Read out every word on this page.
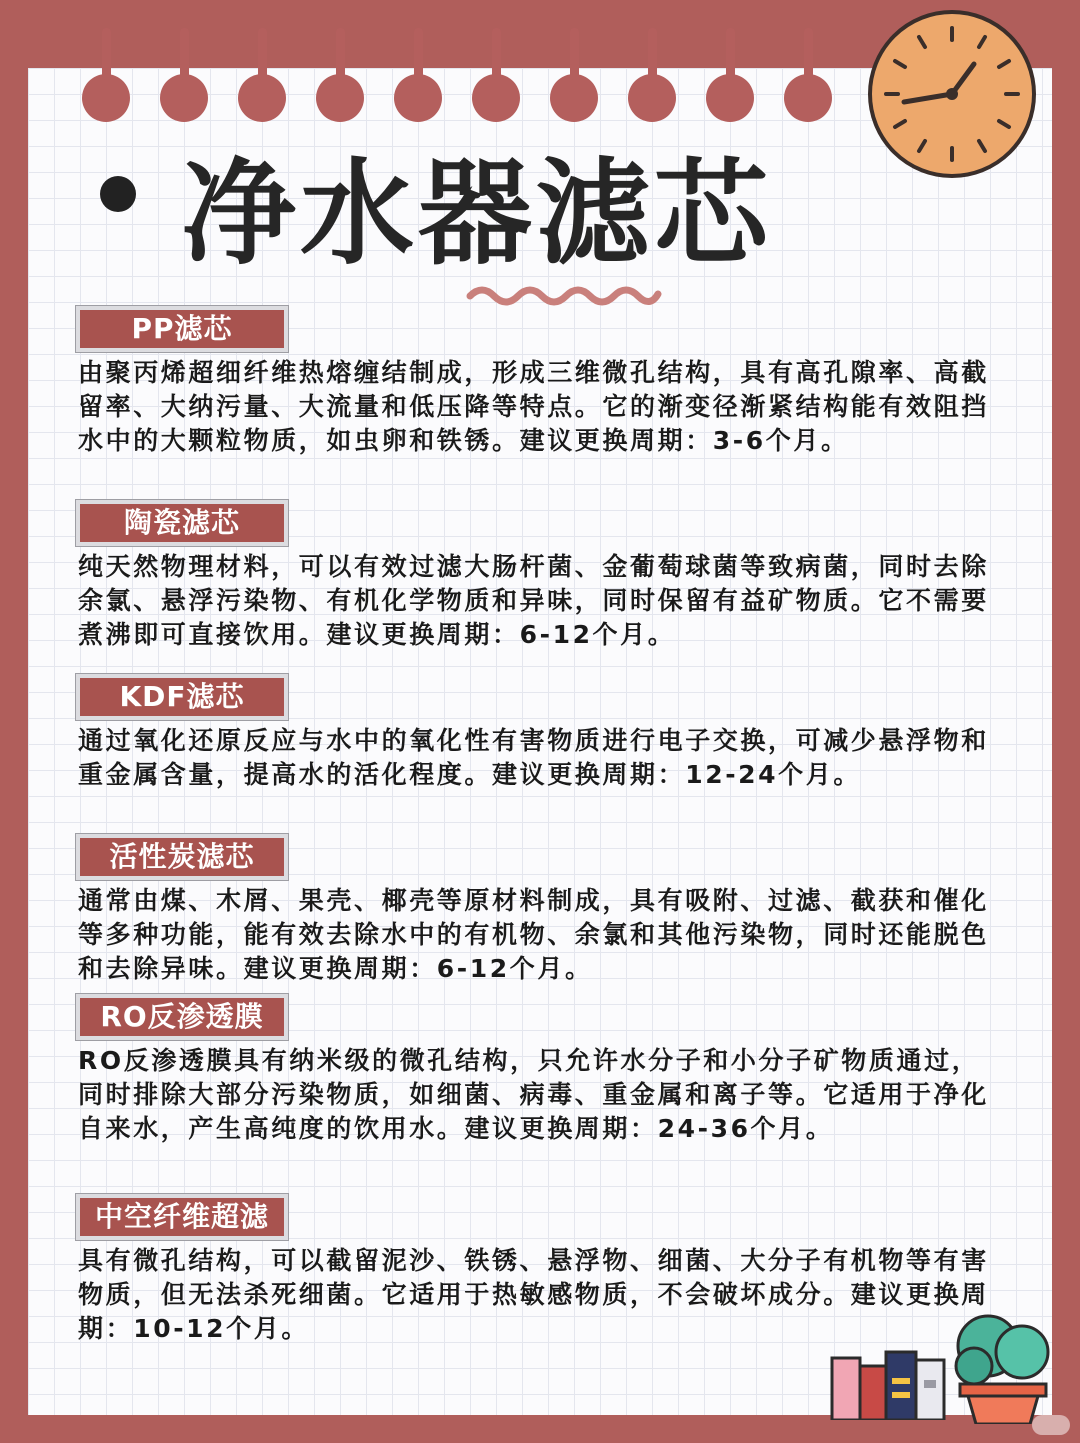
净水器滤芯
PP滤芯

由聚丙烯超细纤维热熔缠结制成，形成三维微孔结构，具有高孔隙率、高截留率、大纳污量、大流量和低压降等特点。它的渐变径渐紧结构能有效阻挡水中的大颗粒物质，如虫卵和铁锈。建议更换周期：3-6个月。

陶瓷滤芯

纯天然物理材料，可以有效过滤大肠杆菌、金葡萄球菌等致病菌，同时去除余氯、悬浮污染物、有机化学物质和异味，同时保留有益矿物质。它不需要煮沸即可直接饮用。建议更换周期：6-12个月。

KDF滤芯

通过氧化还原反应与水中的氧化性有害物质进行电子交换，可减少悬浮物和重金属含量，提高水的活化程度。建议更换周期：12-24个月。

活性炭滤芯

通常由煤、木屑、果壳、椰壳等原材料制成，具有吸附、过滤、截获和催化等多种功能，能有效去除水中的有机物、余氯和其他污染物，同时还能脱色和去除异味。建议更换周期：6-12个月。

RO反渗透膜

RO反渗透膜具有纳米级的微孔结构，只允许水分子和小分子矿物质通过，同时排除大部分污染物质，如细菌、病毒、重金属和离子等。它适用于净化自来水，产生高纯度的饮用水。建议更换周期：24-36个月。

中空纤维超滤

具有微孔结构，可以截留泥沙、铁锈、悬浮物、细菌、大分子有机物等有害物质，但无法杀死细菌。它适用于热敏感物质，不会破坏成分。建议更换周期：10-12个月。
